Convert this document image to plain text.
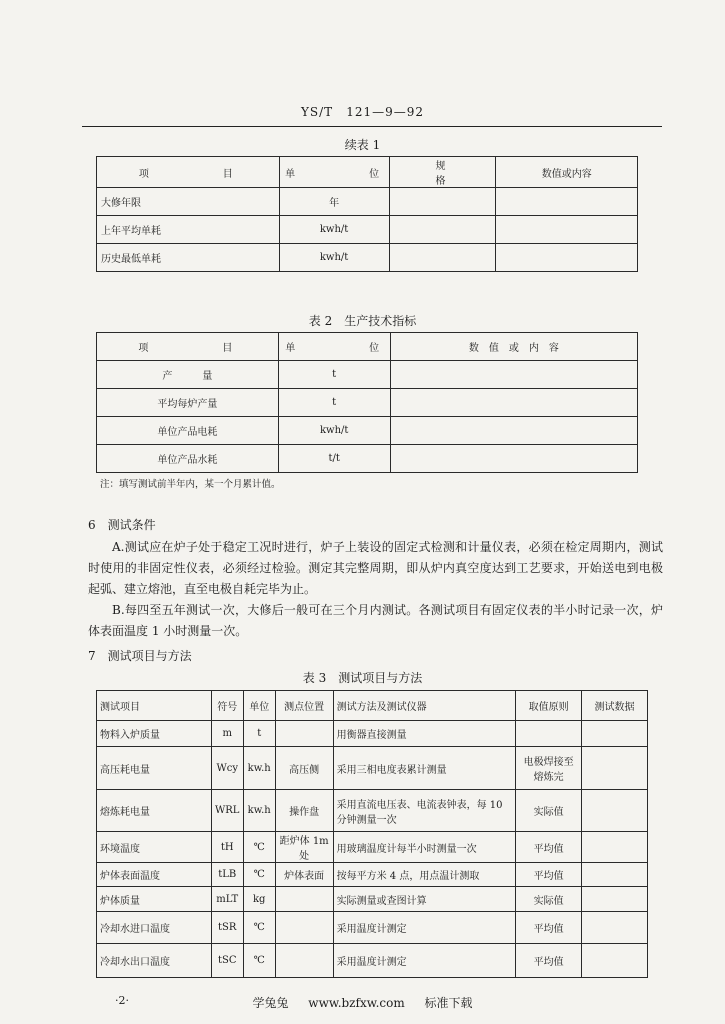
YS/T　121—9—92
续表 1
项　　　　　目	单　　　　　位	规　　　　　格	数值或内容
大修年限	年		
上年平均单耗	kwh/t		
历史最低单耗	kwh/t		
表 2　生产技术指标
项　　　　　目	单　　　　　位	数　值　或　内　容
产　　　量	t	
平均每炉产量	t	
单位产品电耗	kwh/t	
单位产品水耗	t/t	
注：填写测试前半年内，某一个月累计值。
6　测试条件
A.测试应在炉子处于稳定工况时进行，炉子上装设的固定式检测和计量仪表，必须在检定周期内，测试时使用的非固定性仪表，必须经过检验。测定其完整周期，即从炉内真空度达到工艺要求，开始送电到电极起弧、建立熔池，直至电极自耗完毕为止。
B.每四至五年测试一次，大修后一般可在三个月内测试。各测试项目有固定仪表的半小时记录一次，炉体表面温度 1 小时测量一次。
7　测试项目与方法
表 3　测试项目与方法
测试项目	符号	单位	测点位置	测试方法及测试仪器	取值原则	测试数据
物料入炉质量	m	t		用衡器直接测量		
高压耗电量	Wcy	kw.h	高压侧	采用三相电度表累计测量	电极焊接至熔炼完	
熔炼耗电量	WRL	kw.h	操作盘	采用直流电压表、电流表钟表，每 10 分钟测量一次	实际值	
环境温度	tH	℃	距炉体 1m 处	用玻璃温度计每半小时测量一次	平均值	
炉体表面温度	tLB	℃	炉体表面	按每平方米 4 点，用点温计测取	平均值	
炉体质量	mLT	kg		实际测量或查图计算	实际值	
冷却水进口温度	tSR	℃		采用温度计测定	平均值	
冷却水出口温度	tSC	℃		采用温度计测定	平均值	
·2·	学兔兔 www.bzfxw.com 标准下载
